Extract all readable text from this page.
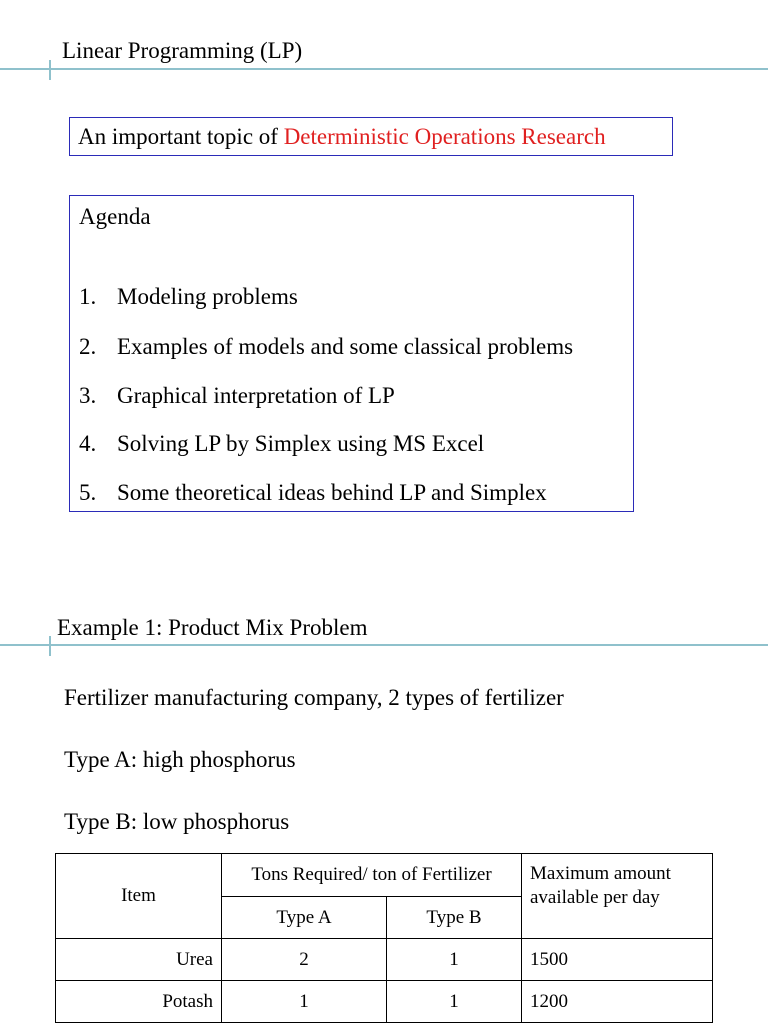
Linear Programming (LP)
An important topic of Deterministic Operations Research
Agenda
1. Modeling problems
2. Examples of models and some classical problems
3. Graphical interpretation of LP
4. Solving LP by Simplex using MS Excel
5. Some theoretical ideas behind LP and Simplex
Example 1: Product Mix Problem
Fertilizer manufacturing company, 2 types of fertilizer
Type A: high phosphorus
Type B: low phosphorus
Item	Tons Required/ ton of Fertilizer		Maximum amount available per day
	Type A	Type B	
Urea	2	1	1500
Potash	1	1	1200
